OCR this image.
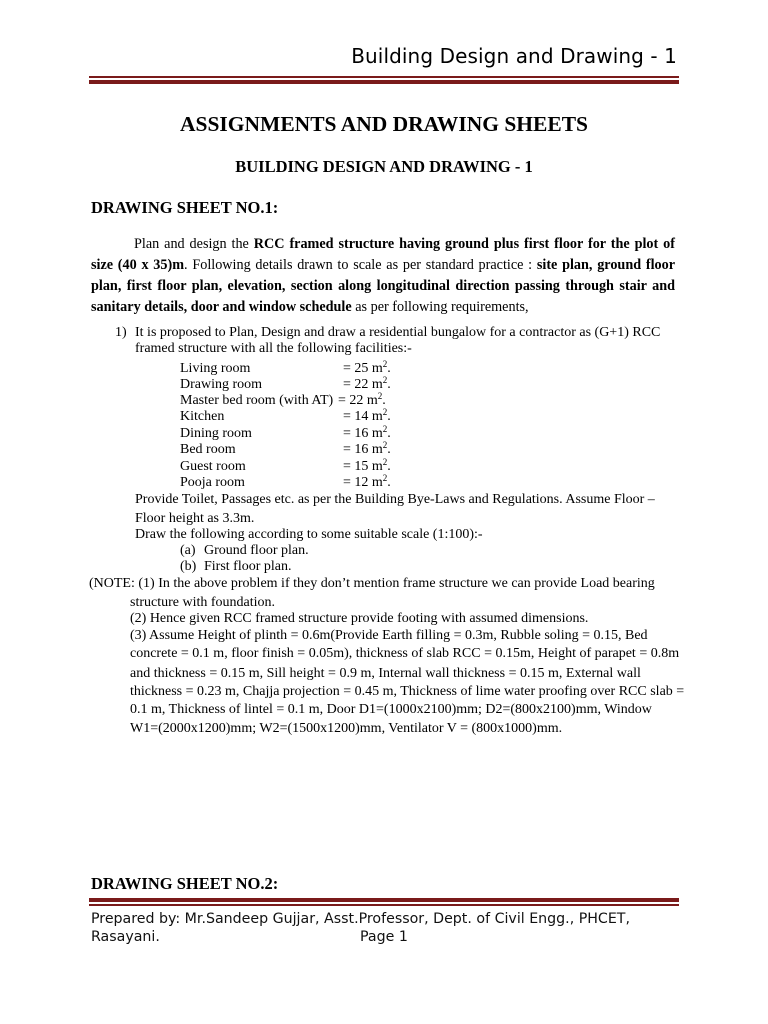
Building Design and Drawing - 1
ASSIGNMENTS AND DRAWING SHEETS
BUILDING DESIGN AND DRAWING - 1
DRAWING SHEET NO.1:
Plan and design the RCC framed structure having ground plus first floor for the plot of size (40 x 35)m. Following details drawn to scale as per standard practice : site plan, ground floor plan, first floor plan, elevation, section along longitudinal direction passing through stair and sanitary details, door and window schedule as per following requirements,
1) It is proposed to Plan, Design and draw a residential bungalow for a contractor as (G+1) RCC framed structure with all the following facilities:-
Living room	= 25 $m^2$.
Drawing room	= 22 $m^2$.
Master bed room (with AT) = 22 $m^2$.
Kitchen	= 14 $m^2$.
Dining room	= 16 $m^2$.
Bed room	= 16 $m^2$.
Guest room	= 15 $m^2$.
Pooja room	= 12 $m^2$.
Provide Toilet, Passages etc. as per the Building Bye-Laws and Regulations. Assume Floor –
Floor height as 3.3m.
Draw the following according to some suitable scale (1:100):-
(a) Ground floor plan.
(b) First floor plan.
(NOTE: (1) In the above problem if they don’t mention frame structure we can provide Load bearing
structure with foundation.
(2) Hence given RCC framed structure provide footing with assumed dimensions.
(3) Assume Height of plinth = 0.6m(Provide Earth filling = 0.3m, Rubble soling = 0.15, Bed
concrete = 0.1 m, floor finish = 0.05m), thickness of slab RCC = 0.15m, Height of parapet = 0.8m
and thickness = 0.15 m, Sill height = 0.9 m, Internal wall thickness = 0.15 m, External wall
thickness = 0.23 m, Chajja projection = 0.45 m, Thickness of lime water proofing over RCC slab =
0.1 m, Thickness of lintel = 0.1 m, Door D1=(1000x2100)mm; D2=(800x2100)mm, Window
W1=(2000x1200)mm; W2=(1500x1200)mm, Ventilator V = (800x1000)mm.
DRAWING SHEET NO.2:
Prepared by: Mr.Sandeep Gujjar, Asst.Professor, Dept. of Civil Engg., PHCET,
Rasayani.	Page 1
